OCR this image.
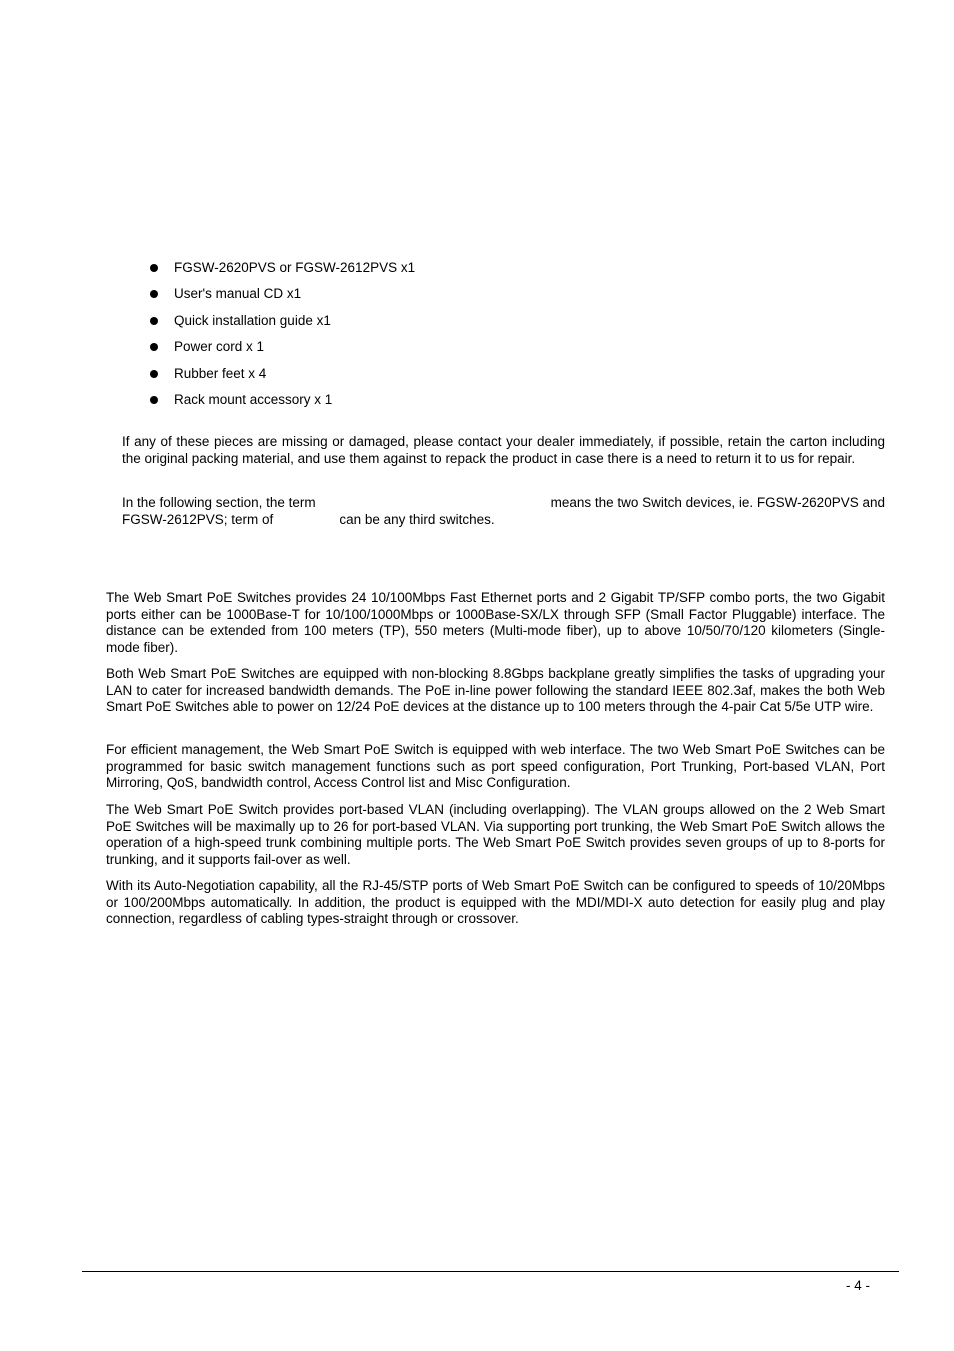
FGSW-2620PVS or FGSW-2612PVS x1
User's manual CD x1
Quick installation guide x1
Power cord x 1
Rubber feet x 4
Rack mount accessory x 1

If any of these pieces are missing or damaged, please contact your dealer immediately, if possible, retain the carton including the original packing material, and use them against to repack the product in case there is a need to return it to us for repair.

In the following section, the term	means the two Switch devices, ie. FGSW-2620PVS and
FGSW-2612PVS; term of	can be any third switches.

The Web Smart PoE Switches provides 24 10/100Mbps Fast Ethernet ports and 2 Gigabit TP/SFP combo ports, the two Gigabit ports either can be 1000Base-T for 10/100/1000Mbps or 1000Base-SX/LX through SFP (Small Factor Pluggable) interface. The distance can be extended from 100 meters (TP), 550 meters (Multi-mode fiber), up to above 10/50/70/120 kilometers (Single-mode fiber).

Both Web Smart PoE Switches are equipped with non-blocking 8.8Gbps backplane greatly simplifies the tasks of upgrading your LAN to cater for increased bandwidth demands. The PoE in-line power following the standard IEEE 802.3af, makes the both Web Smart PoE Switches able to power on 12/24 PoE devices at the distance up to 100 meters through the 4-pair Cat 5/5e UTP wire.

For efficient management, the Web Smart PoE Switch is equipped with web interface. The two Web Smart PoE Switches can be programmed for basic switch management functions such as port speed configuration, Port Trunking, Port-based VLAN, Port Mirroring, QoS, bandwidth control, Access Control list and Misc Configuration.

The Web Smart PoE Switch provides port-based VLAN (including overlapping). The VLAN groups allowed on the 2 Web Smart PoE Switches will be maximally up to 26 for port-based VLAN. Via supporting port trunking, the Web Smart PoE Switch allows the operation of a high-speed trunk combining multiple ports. The Web Smart PoE Switch provides seven groups of up to 8-ports for trunking, and it supports fail-over as well.

With its Auto-Negotiation capability, all the RJ-45/STP ports of Web Smart PoE Switch can be configured to speeds of 10/20Mbps or 100/200Mbps automatically. In addition, the product is equipped with the MDI/MDI-X auto detection for easily plug and play connection, regardless of cabling types-straight through or crossover.

- 4 -
